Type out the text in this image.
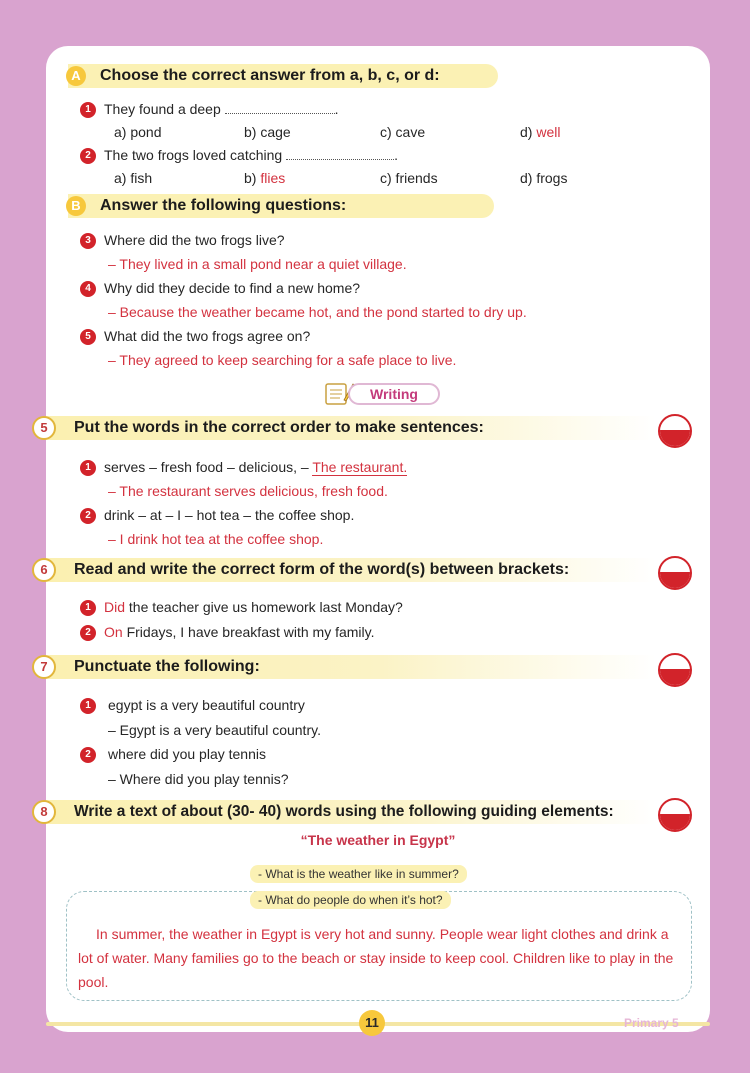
A	Choose the correct answer from a, b, c, or d:
1 They found a deep	.
a) pond	b) cage	c) cave	d) well
2 The two frogs loved catching	.
a) fish	b) flies	c) friends	d) frogs
B	Answer the following questions:
3 Where did the two frogs live?
– They lived in a small pond near a quiet village.
4 Why did they decide to find a new home?
– Because the weather became hot, and the pond started to dry up.
5 What did the two frogs agree on?
– They agreed to keep searching for a safe place to live.
Writing
5	Put the words in the correct order to make sentences:
1 serves – fresh food – delicious, – The restaurant.
– The restaurant serves delicious, fresh food.
2 drink – at – I – hot tea – the coffee shop.
– I drink hot tea at the coffee shop.
6	Read and write the correct form of the word(s) between brackets:
1 Did the teacher give us homework last Monday?
2 On Fridays, I have breakfast with my family.
7	Punctuate the following:
1	egypt is a very beautiful country
– Egypt is a very beautiful country.
2	where did you play tennis
– Where did you play tennis?
8	Write a text of about (30- 40) words using the following guiding elements:
“The weather in Egypt”
- What is the weather like in summer?
- What do people do when it’s hot?
In summer, the weather in Egypt is very hot and sunny. People wear light clothes and drink a lot of water. Many families go to the beach or stay inside to keep cool. Children like to play in the pool.
11	Primary 5
